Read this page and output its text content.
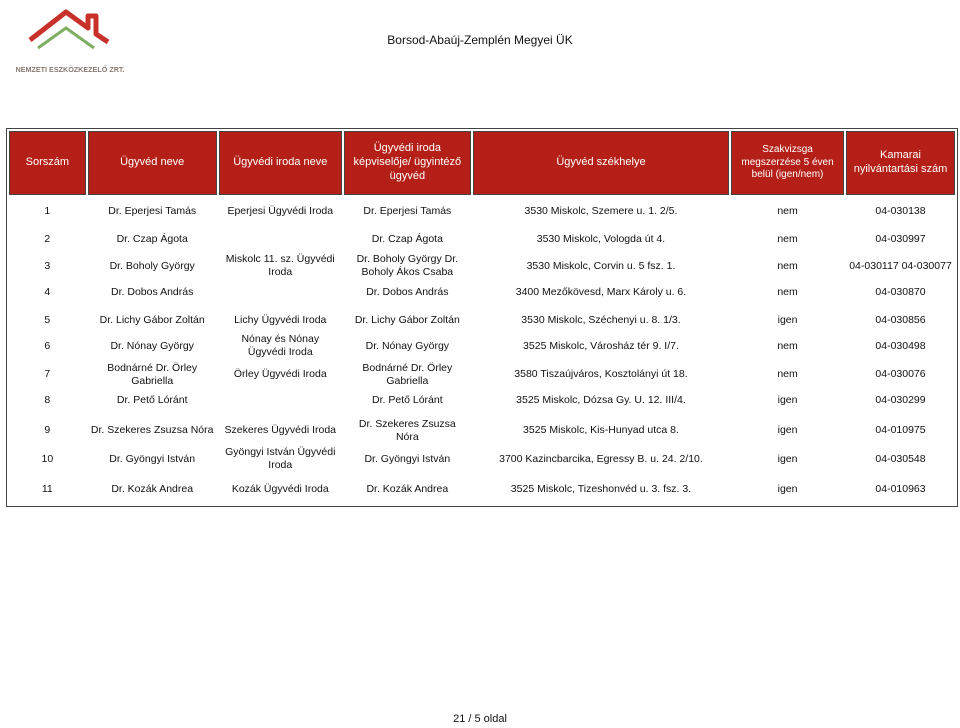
NEMZETI ESZKÖZKEZELŐ ZRT.
Borsod-Abaúj-Zemplén Megyei ÜK
Sorszám	Ügyvéd neve	Ügyvédi iroda neve	Ügyvédi iroda képviselője/ ügyintéző ügyvéd	Ügyvéd székhelye	Szakvizsga megszerzése 5 éven belül (igen/nem)	Kamarai nyilvántartási szám

1	Dr. Eperjesi Tamás	Eperjesi Ügyvédi Iroda	Dr. Eperjesi Tamás	3530 Miskolc, Szemere u. 1. 2/5.	nem	04-030138

2	Dr. Czap Ágota		Dr. Czap Ágota	3530 Miskolc, Vologda út 4.	nem	04-030997
3	Dr. Boholy György	Miskolc 11. sz. Ügyvédi Iroda	Dr. Boholy György Dr. Boholy Ákos Csaba	3530 Miskolc, Corvin u. 5 fsz. 1.	nem	04-030117 04-030077
4	Dr. Dobos András		Dr. Dobos András	3400 Mezőkövesd, Marx Károly u. 6.	nem	04-030870

5	Dr. Lichy Gábor Zoltán	Lichy Ügyvédi Iroda	Dr. Lichy Gábor Zoltán	3530 Miskolc, Széchenyi u. 8. 1/3.	igen	04-030856
6	Dr. Nónay György	Nónay és Nónay Ügyvédi Iroda	Dr. Nónay György	3525 Miskolc, Városház tér 9. I/7.	nem	04-030498
7	Bodnárné Dr. Örley Gabriella	Örley Ügyvédi Iroda	Bodnárné Dr. Örley Gabriella	3580 Tiszaújváros, Kosztolányi út 18.	nem	04-030076
8	Dr. Pető Lóránt		Dr. Pető Lóránt	3525 Miskolc, Dózsa Gy. U. 12. III/4.	igen	04-030299

9	Dr. Szekeres Zsuzsa Nóra	Szekeres Ügyvédi Iroda	Dr. Szekeres Zsuzsa Nóra	3525 Miskolc, Kis-Hunyad utca 8.	igen	04-010975
10	Dr. Gyöngyi István	Gyöngyi István Ügyvédi Iroda	Dr. Gyöngyi István	3700 Kazincbarcika, Egressy B. u. 24. 2/10.	igen	04-030548

11	Dr. Kozák Andrea	Kozák Ügyvédi Iroda	Dr. Kozák Andrea	3525 Miskolc, Tizeshonvéd u. 3. fsz. 3.	igen	04-010963

21 / 5 oldal
